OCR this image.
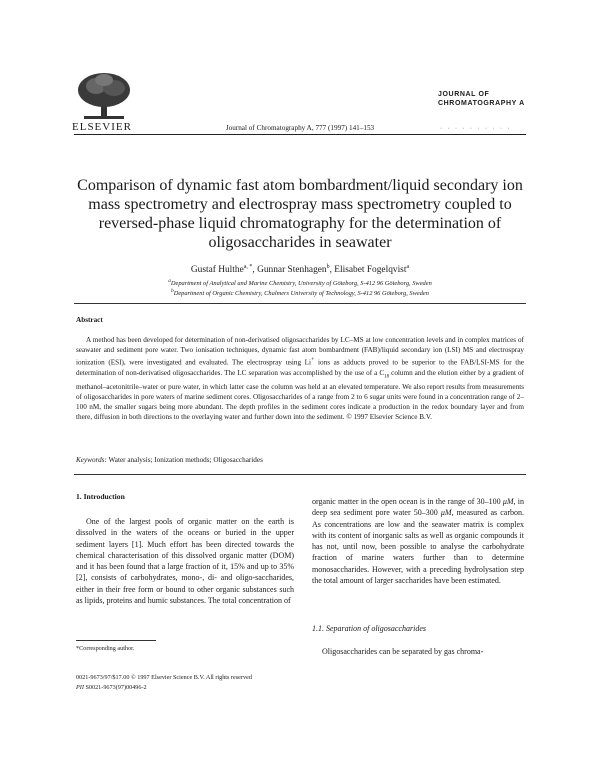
ELSEVIER	Journal of Chromatography A, 777 (1997) 141–153
JOURNAL OF
CHROMATOGRAPHY A
· · · · · · · · · ·
Comparison of dynamic fast atom bombardment/liquid secondary ion mass spectrometry and electrospray mass spectrometry coupled to reversed-phase liquid chromatography for the determination of oligosaccharides in seawater
Gustaf Hulthe$^{a, *}$, Gunnar Stenhagen$^b$, Elisabet Fogelqvist$^a$
$^a$Department of Analytical and Marine Chemistry, University of Göteborg, S-412 96 Göteborg, Sweden
$^b$Department of Organic Chemistry, Chalmers University of Technology, S-412 96 Göteborg, Sweden
Abstract
A method has been developed for determination of non-derivatised oligosaccharides by LC–MS at low concentration levels and in complex matrices of seawater and sediment pore water. Two ionisation techniques, dynamic fast atom bombardment (FAB)/liquid secondary ion (LSI) MS and electrospray ionization (ESI), were investigated and evaluated. The electrospray using Li+ ions as adducts proved to be superior to the FAB/LSI-MS for the determination of non-derivatised oligosaccharides. The LC separation was accomplished by the use of a $C_{18}$ column and the elution either by a gradient of methanol–acetonitrile–water or pure water, in which latter case the column was held at an elevated temperature. We also report results from measurements of oligosaccharides in pore waters of marine sediment cores. Oligosaccharides of a range from 2 to 6 sugar units were found in a concentration range of 2–100 nM, the smaller sugars being more abundant. The depth profiles in the sediment cores indicate a production in the redox boundary layer and from there, diffusion in both directions to the overlaying water and further down into the sediment. © 1997 Elsevier Science B.V.
Keywords: Water analysis; Ionization methods; Oligosaccharides
1. Introduction
One of the largest pools of organic matter on the earth is dissolved in the waters of the oceans or buried in the upper sediment layers [1]. Much effort has been directed towards the chemical characterisation of this dissolved organic matter (DOM) and it has been found that a large fraction of it, 15% and up to 35% [2], consists of carbohydrates, mono-, di- and oligo-saccharides, either in their free form or bound to other organic substances such as lipids, proteins and humic substances. The total concentration of
organic matter in the open ocean is in the range of 30–100 μM, in deep sea sediment pore water 50–300 μM, measured as carbon. As concentrations are low and the seawater matrix is complex with its content of inorganic salts as well as organic compounds it has not, until now, been possible to analyse the carbohydrate fraction of marine waters further than to determine monosaccharides. However, with a preceding hydrolysation step the total amount of larger saccharides have been estimated.
1.1. Separation of oligosaccharides
Oligosaccharides can be separated by gas chroma-
*Corresponding author.
0021-9673/97/$17.00 © 1997 Elsevier Science B.V. All rights reserved
PII S0021-9673(97)00496-2
